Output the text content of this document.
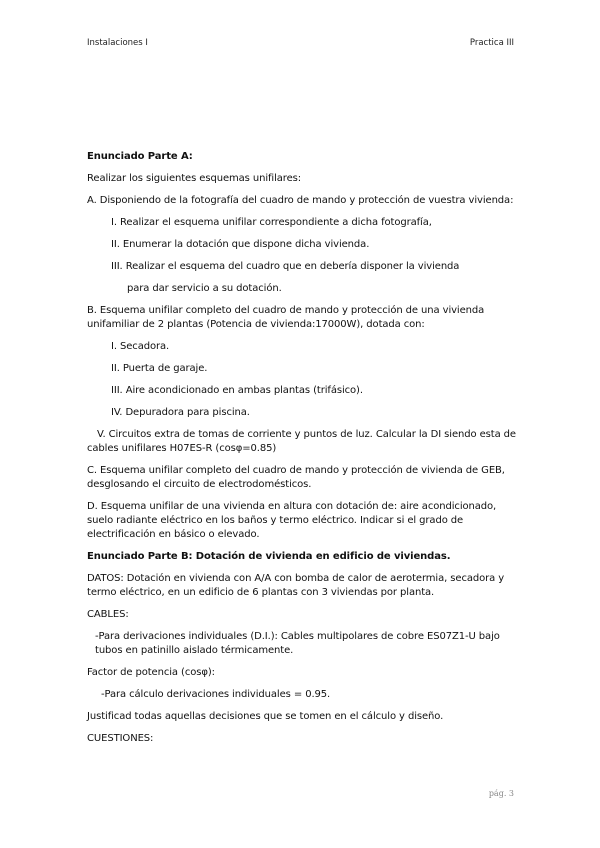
Instalaciones I	Practica III

Enunciado Parte A:

Realizar los siguientes esquemas unifilares:

A. Disponiendo de la fotografía del cuadro de mando y protección de vuestra vivienda:

I. Realizar el esquema unifilar correspondiente a dicha fotografía,

II. Enumerar la dotación que dispone dicha vivienda.

III. Realizar el esquema del cuadro que en debería disponer la vivienda

para dar servicio a su dotación.

B. Esquema unifilar completo del cuadro de mando y protección de una vivienda unifamiliar de 2 plantas (Potencia de vivienda:17000W), dotada con:

I. Secadora.

II. Puerta de garaje.

III. Aire acondicionado en ambas plantas (trifásico).

IV. Depuradora para piscina.

V. Circuitos extra de tomas de corriente y puntos de luz. Calcular la DI siendo esta de cables unifilares H07ES-R (cosφ=0.85)

C. Esquema unifilar completo del cuadro de mando y protección de vivienda de GEB, desglosando el circuito de electrodomésticos.

D. Esquema unifilar de una vivienda en altura con dotación de: aire acondicionado, suelo radiante eléctrico en los baños y termo eléctrico. Indicar si el grado de electrificación en básico o elevado.

Enunciado Parte B: Dotación de vivienda en edificio de viviendas.

DATOS: Dotación en vivienda con A/A con bomba de calor de aerotermia, secadora y termo eléctrico, en un edificio de 6 plantas con 3 viviendas por planta.

CABLES:

-Para derivaciones individuales (D.I.): Cables multipolares de cobre ES07Z1-U bajo tubos en patinillo aislado térmicamente.

Factor de potencia (cosφ):

-Para cálculo derivaciones individuales = 0.95.

Justificad todas aquellas decisiones que se tomen en el cálculo y diseño.

CUESTIONES:

pág. 3
